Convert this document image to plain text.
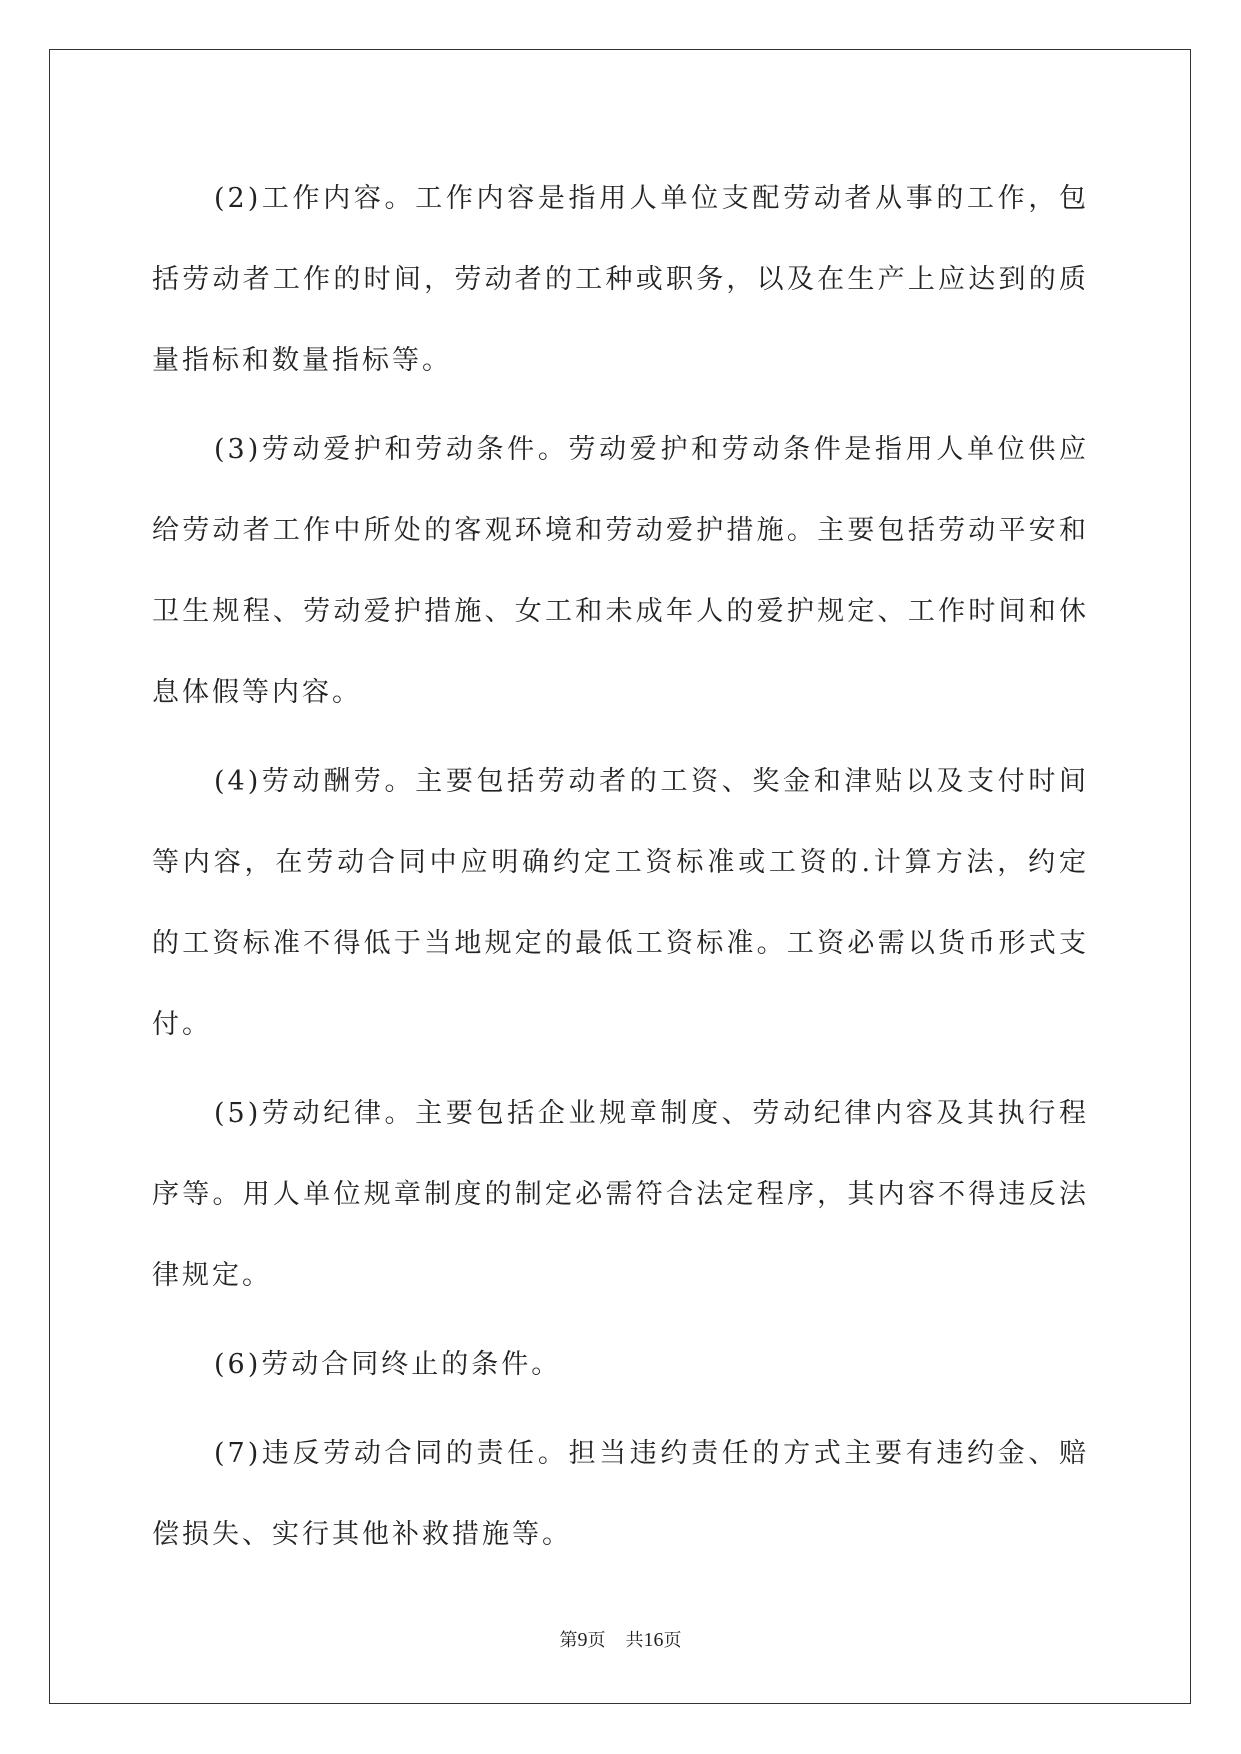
(2)工作内容。工作内容是指用人单位支配劳动者从事的工作，包括劳动者工作的时间，劳动者的工种或职务，以及在生产上应达到的质量指标和数量指标等。

(3)劳动爱护和劳动条件。劳动爱护和劳动条件是指用人单位供应给劳动者工作中所处的客观环境和劳动爱护措施。主要包括劳动平安和卫生规程、劳动爱护措施、女工和未成年人的爱护规定、工作时间和休息体假等内容。

(4)劳动酬劳。主要包括劳动者的工资、奖金和津贴以及支付时间等内容，在劳动合同中应明确约定工资标准或工资的.计算方法，约定的工资标准不得低于当地规定的最低工资标准。工资必需以货币形式支付。

(5)劳动纪律。主要包括企业规章制度、劳动纪律内容及其执行程序等。用人单位规章制度的制定必需符合法定程序，其内容不得违反法律规定。

(6)劳动合同终止的条件。

(7)违反劳动合同的责任。担当违约责任的方式主要有违约金、赔偿损失、实行其他补救措施等。

第9页 共16页
